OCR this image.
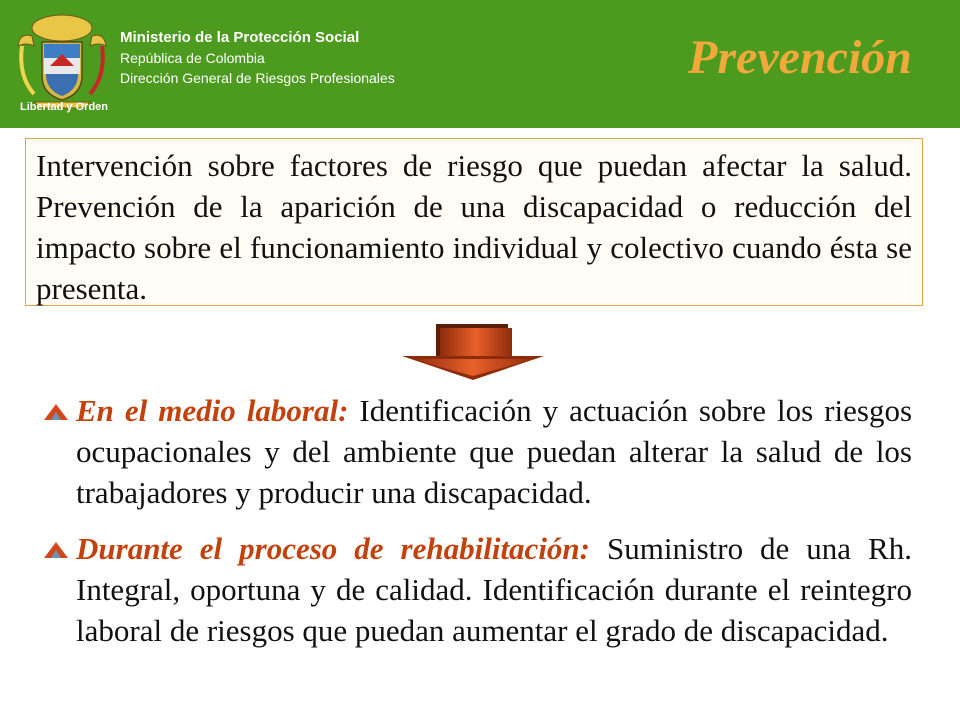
Libertad y Orden
Ministerio de la Protección Social
República de Colombia
Dirección General de Riesgos Profesionales	Prevención
Intervención sobre factores de riesgo que puedan afectar la salud. Prevención de la aparición de una discapacidad o reducción del impacto sobre el funcionamiento individual y colectivo cuando ésta se presenta.
En el medio laboral: Identificación y actuación sobre los riesgos ocupacionales y del ambiente que puedan alterar la salud de los trabajadores y producir una discapacidad.
Durante el proceso de rehabilitación: Suministro de una Rh. Integral, oportuna y de calidad. Identificación durante el reintegro laboral de riesgos que puedan aumentar el grado de discapacidad.
